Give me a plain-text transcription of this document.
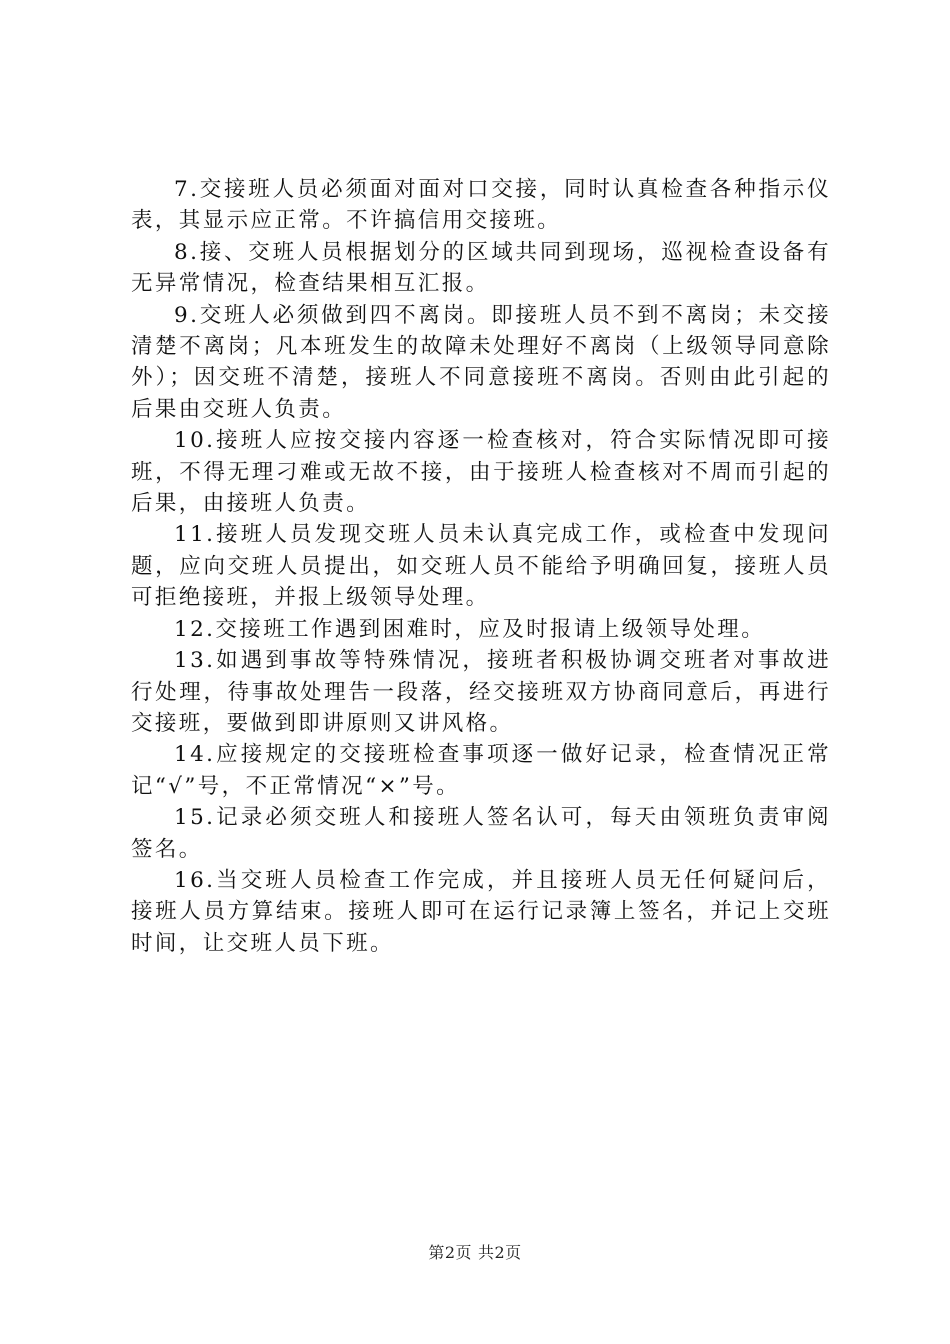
7.交接班人员必须面对面对口交接，同时认真检查各种指示仪表，其显示应正常。不许搞信用交接班。

8.接、交班人员根据划分的区域共同到现场，巡视检查设备有无异常情况，检查结果相互汇报。

9.交班人必须做到四不离岗。即接班人员不到不离岗；未交接清楚不离岗；凡本班发生的故障未处理好不离岗（上级领导同意除外）；因交班不清楚，接班人不同意接班不离岗。否则由此引起的后果由交班人负责。

10.接班人应按交接内容逐一检查核对，符合实际情况即可接班，不得无理刁难或无故不接，由于接班人检查核对不周而引起的后果，由接班人负责。

11.接班人员发现交班人员未认真完成工作，或检查中发现问题，应向交班人员提出，如交班人员不能给予明确回复，接班人员可拒绝接班，并报上级领导处理。

12.交接班工作遇到困难时，应及时报请上级领导处理。

13.如遇到事故等特殊情况，接班者积极协调交班者对事故进行处理，待事故处理告一段落，经交接班双方协商同意后，再进行交接班，要做到即讲原则又讲风格。

14.应接规定的交接班检查事项逐一做好记录，检查情况正常记“√”号，不正常情况“×”号。

15.记录必须交班人和接班人签名认可，每天由领班负责审阅签名。

16.当交班人员检查工作完成，并且接班人员无任何疑问后，接班人员方算结束。接班人即可在运行记录簿上签名，并记上交班时间，让交班人员下班。

第2页 共2页
